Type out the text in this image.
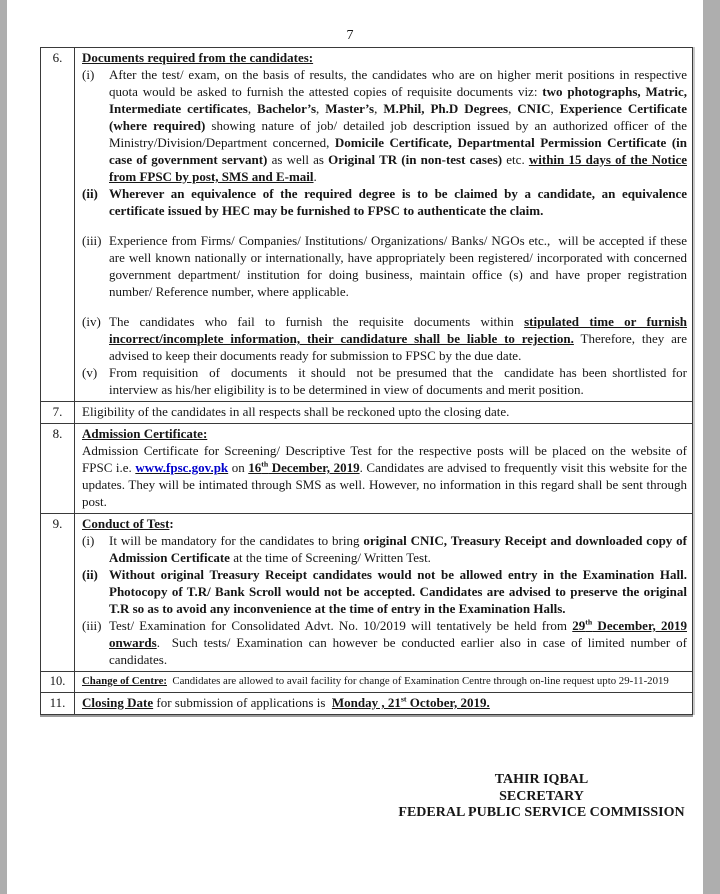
7
6.	Documents required from the candidates:
(i)	After the test/ exam, on the basis of results, the candidates who are on higher merit positions in respective quota would be asked to furnish the attested copies of requisite documents viz: two photographs, Matric, Intermediate certificates, Bachelor’s, Master’s, M.Phil, Ph.D Degrees, CNIC, Experience Certificate (where required) showing nature of job/ detailed job description issued by an authorized officer of the Ministry/Division/Department concerned, Domicile Certificate, Departmental Permission Certificate (in case of government servant) as well as Original TR (in non-test cases) etc. within 15 days of the Notice from FPSC by post, SMS and E-mail.
(ii) Wherever an equivalence of the required degree is to be claimed by a candidate, an equivalence certificate issued by HEC may be furnished to FPSC to authenticate the claim.
(iii) Experience from Firms/ Companies/ Institutions/ Organizations/ Banks/ NGOs etc.,  will be accepted if these are well known nationally or internationally, have appropriately been registered/ incorporated with concerned government department/ institution for doing business, maintain office (s) and have proper registration number/ Reference number, where applicable.
(iv) The candidates who fail to furnish the requisite documents within stipulated time or furnish incorrect/incomplete information, their candidature shall be liable to rejection. Therefore, they are advised to keep their documents ready for submission to FPSC by the due date.
(v) From requisition  of  documents  it should  not be presumed that the  candidate has been shortlisted for interview as his/her eligibility is to be determined in view of documents and merit position.
7.	Eligibility of the candidates in all respects shall be reckoned upto the closing date.
8.	Admission Certificate:
Admission Certificate for Screening/ Descriptive Test for the respective posts will be placed on the website of FPSC i.e. www.fpsc.gov.pk on 16th December, 2019. Candidates are advised to frequently visit this website for the updates. They will be intimated through SMS as well. However, no information in this regard shall be sent through post.
9.	Conduct of Test:
(i)	It will be mandatory for the candidates to bring original CNIC, Treasury Receipt and downloaded copy of Admission Certificate at the time of Screening/ Written Test.
(ii) Without original Treasury Receipt candidates would not be allowed entry in the Examination Hall. Photocopy of T.R/ Bank Scroll would not be accepted. Candidates are advised to preserve the original T.R so as to avoid any inconvenience at the time of entry in the Examination Halls.
(iii) Test/ Examination for Consolidated Advt. No. 10/2019 will tentatively be held from 29th December, 2019 onwards.  Such tests/ Examination can however be conducted earlier also in case of limited number of candidates.
10.	Change of Centre:  Candidates are allowed to avail facility for change of Examination Centre through on-line request upto 29-11-2019
11.	Closing Date for submission of applications is  Monday , 21st October, 2019.
TAHIR IQBAL
SECRETARY
FEDERAL PUBLIC SERVICE COMMISSION
